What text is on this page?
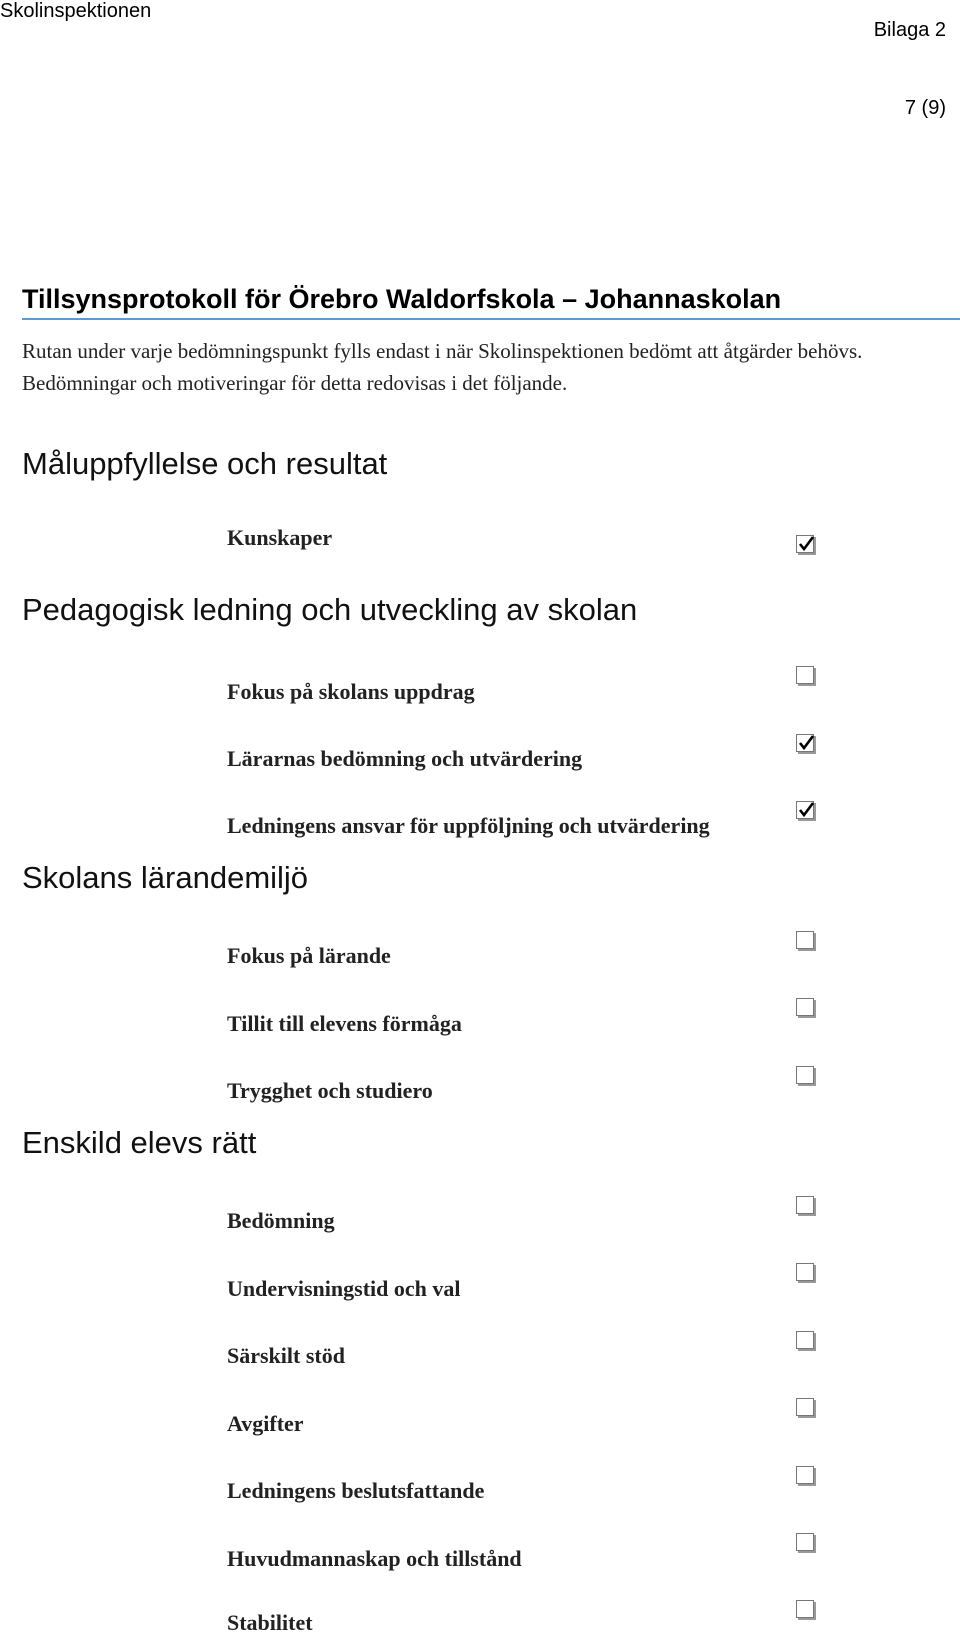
Skolinspektionen
Bilaga 2
7 (9)
Tillsynsprotokoll för Örebro Waldorfskola – Johannaskolan
Rutan under varje bedömningspunkt fylls endast i när Skolinspektionen bedömt att åtgärder behövs. Bedömningar och motiveringar för detta redovisas i det följande.
Måluppfyllelse och resultat
Kunskaper
Pedagogisk ledning och utveckling av skolan
Fokus på skolans uppdrag
Lärarnas bedömning och utvärdering
Ledningens ansvar för uppföljning och utvärdering
Skolans lärandemiljö
Fokus på lärande
Tillit till elevens förmåga
Trygghet och studiero
Enskild elevs rätt
Bedömning
Undervisningstid och val
Särskilt stöd
Avgifter
Ledningens beslutsfattande
Huvudmannaskap och tillstånd
Stabilitet
